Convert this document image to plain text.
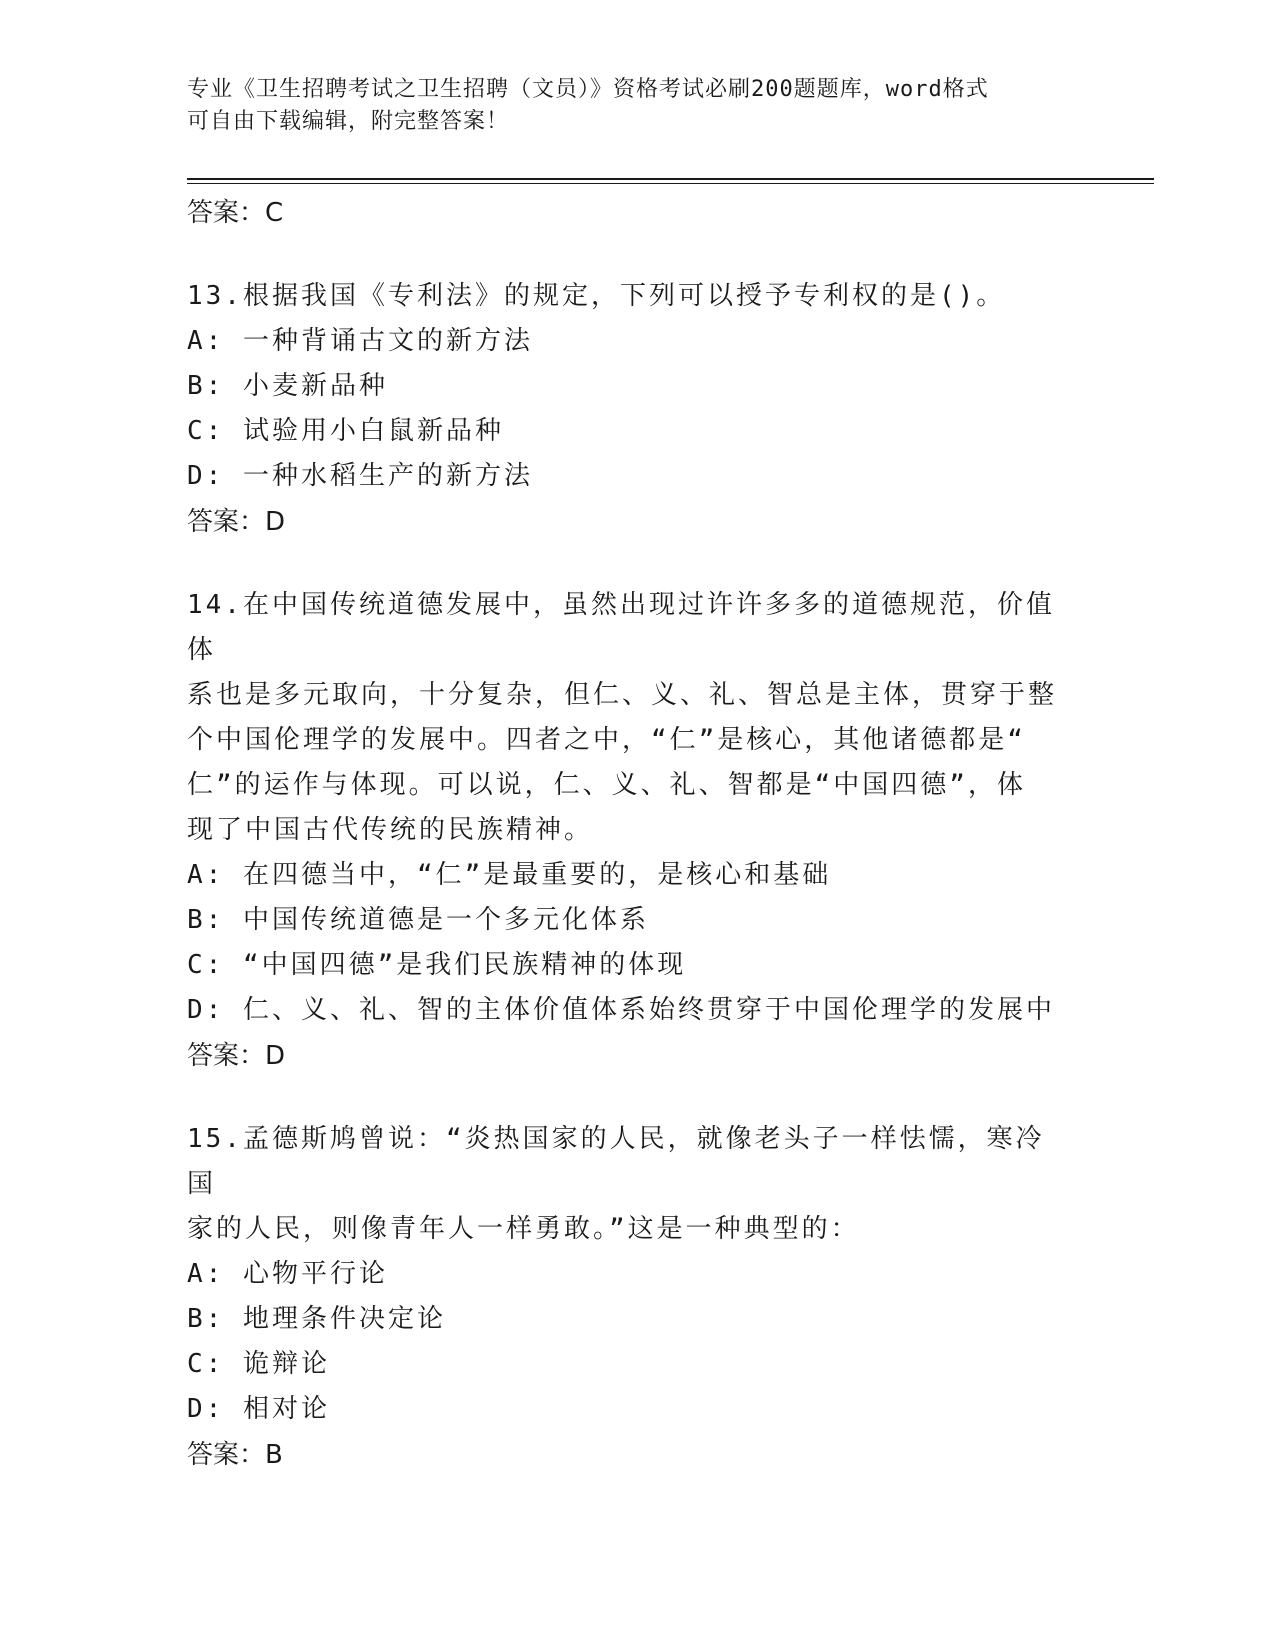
专业《卫生招聘考试之卫生招聘（文员）》资格考试必刷200题题库，word格式
可自由下载编辑，附完整答案！

答案：C

13.根据我国《专利法》的规定，下列可以授予专利权的是()。

A: 一种背诵古文的新方法

B: 小麦新品种

C: 试验用小白鼠新品种

D: 一种水稻生产的新方法

答案：D

14.在中国传统道德发展中，虽然出现过许许多多的道德规范，价值体

系也是多元取向，十分复杂，但仁、义、礼、智总是主体，贯穿于整

个中国伦理学的发展中。四者之中，“仁”是核心，其他诸德都是“

仁”的运作与体现。可以说，仁、义、礼、智都是“中国四德”，体

现了中国古代传统的民族精神。

A: 在四德当中，“仁”是最重要的，是核心和基础

B: 中国传统道德是一个多元化体系

C: “中国四德”是我们民族精神的体现

D: 仁、义、礼、智的主体价值体系始终贯穿于中国伦理学的发展中

答案：D

15.孟德斯鸠曾说：“炎热国家的人民，就像老头子一样怯懦，寒冷国

家的人民，则像青年人一样勇敢。”这是一种典型的：

A: 心物平行论

B: 地理条件决定论

C: 诡辩论

D: 相对论

答案：B
